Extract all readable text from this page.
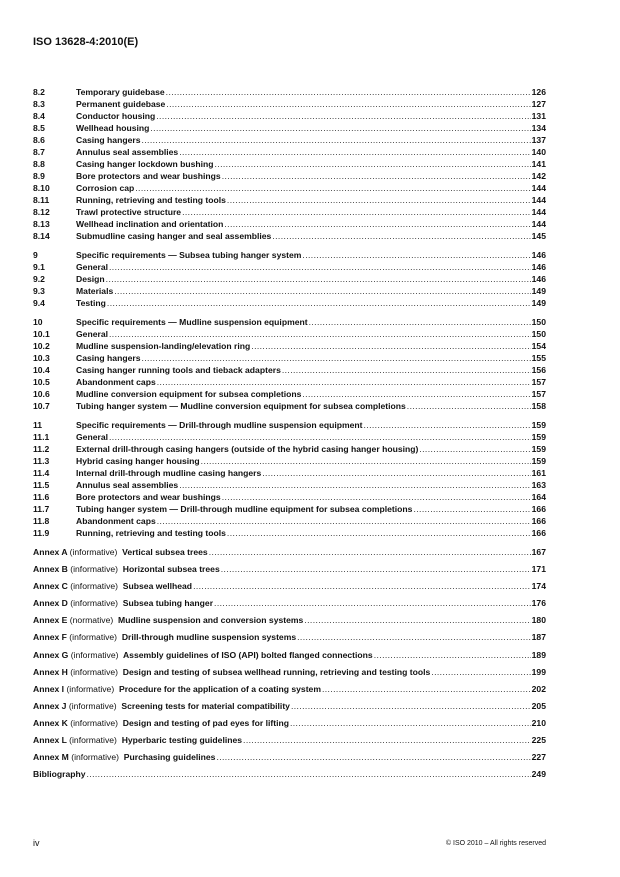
ISO 13628-4:2010(E)
8.2	Temporary guidebase .....	126
8.3	Permanent guidebase .....	127
8.4	Conductor housing .....	131
8.5	Wellhead housing .....	134
8.6	Casing hangers .....	137
8.7	Annulus seal assemblies .....	140
8.8	Casing hanger lockdown bushing .....	141
8.9	Bore protectors and wear bushings .....	142
8.10	Corrosion cap .....	144
8.11	Running, retrieving and testing tools .....	144
8.12	Trawl protective structure .....	144
8.13	Wellhead inclination and orientation .....	144
8.14	Submudline casing hanger and seal assemblies .....	145
9	Specific requirements — Subsea tubing hanger system .....	146
9.1	General .....	146
9.2	Design .....	146
9.3	Materials .....	149
9.4	Testing .....	149
10	Specific requirements — Mudline suspension equipment .....	150
10.1	General .....	150
10.2	Mudline suspension-landing/elevation ring .....	154
10.3	Casing hangers .....	155
10.4	Casing hanger running tools and tieback adapters .....	156
10.5	Abandonment caps .....	157
10.6	Mudline conversion equipment for subsea completions .....	157
10.7	Tubing hanger system — Mudline conversion equipment for subsea completions .....	158
11	Specific requirements — Drill-through mudline suspension equipment .....	159
11.1	General .....	159
11.2	External drill-through casing hangers (outside of the hybrid casing hanger housing) .....	159
11.3	Hybrid casing hanger housing .....	159
11.4	Internal drill-through mudline casing hangers .....	161
11.5	Annulus seal assemblies .....	163
11.6	Bore protectors and wear bushings .....	164
11.7	Tubing hanger system — Drill-through mudline equipment for subsea completions .....	166
11.8	Abandonment caps .....	166
11.9	Running, retrieving and testing tools .....	166
Annex A (informative) Vertical subsea trees .....	167
Annex B (informative) Horizontal subsea trees .....	171
Annex C (informative) Subsea wellhead .....	174
Annex D (informative) Subsea tubing hanger .....	176
Annex E (normative) Mudline suspension and conversion systems .....	180
Annex F (informative) Drill-through mudline suspension systems .....	187
Annex G (informative) Assembly guidelines of ISO (API) bolted flanged connections .....	189
Annex H (informative) Design and testing of subsea wellhead running, retrieving and testing tools .....	199
Annex I (informative) Procedure for the application of a coating system .....	202
Annex J (informative) Screening tests for material compatibility .....	205
Annex K (informative) Design and testing of pad eyes for lifting .....	210
Annex L (informative) Hyperbaric testing guidelines .....	225
Annex M (informative) Purchasing guidelines .....	227
Bibliography .....	249
iv	© ISO 2010 – All rights reserved
